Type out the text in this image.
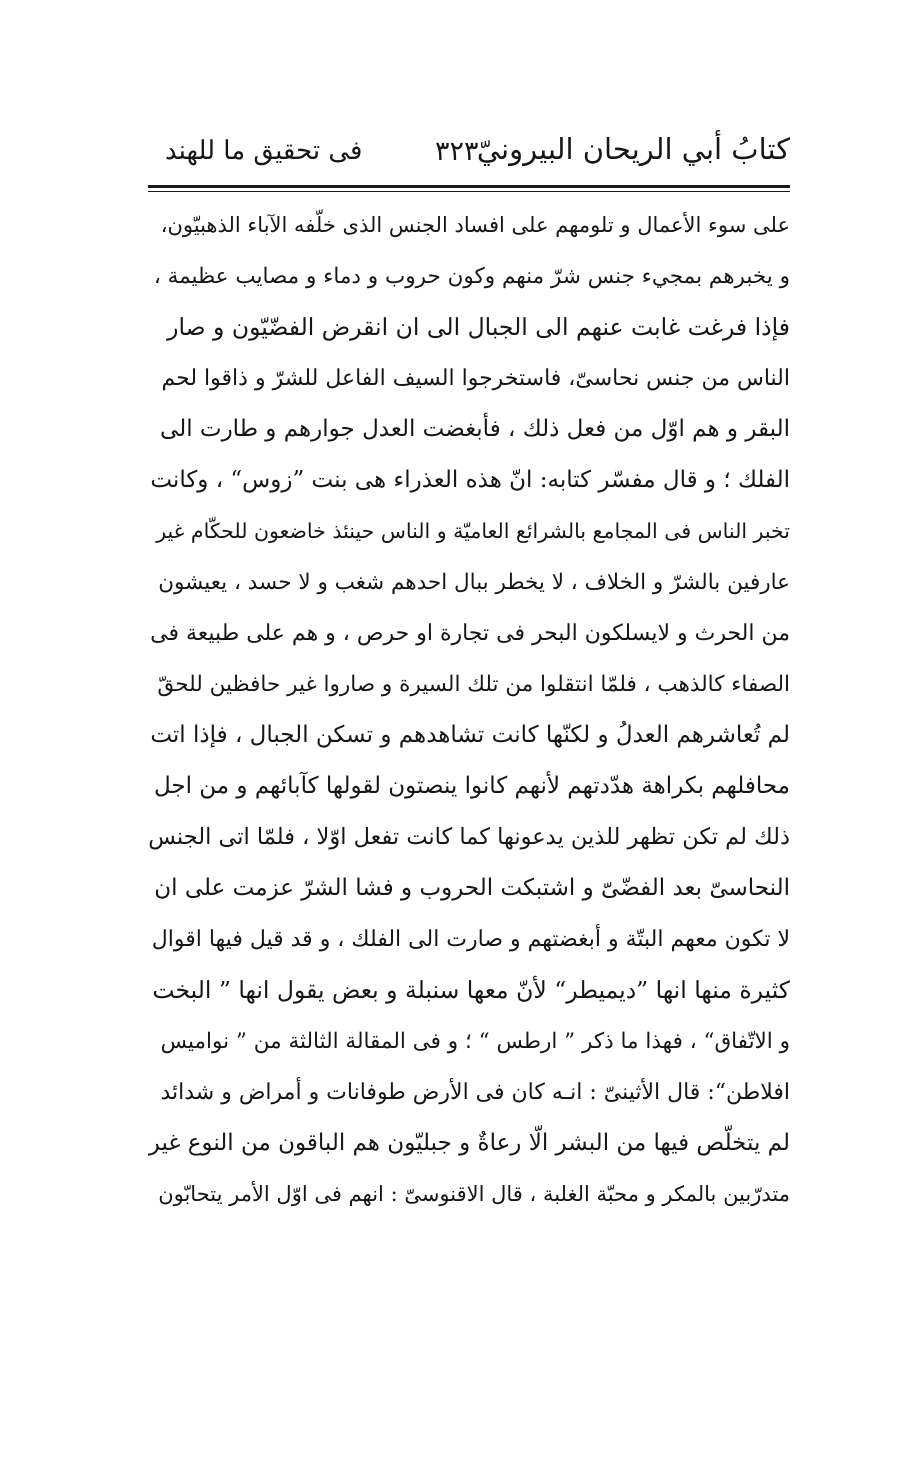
كتابُ أبي الريحان البيرونيّ
٣٢٣
فى تحقيق ما للهند
على سوء الأعمال و تلومهم على افساد الجنس الذى خلّفه الآباء الذهبيّون،
و يخبرهم بمجيء جنس شرّ منهم وكون حروب و دماء و مصايب عظيمة ،
فإذا فرغت غابت عنهم الى الجبال الى ان انقرض الفضّيّون و صار
الناس من جنس نحاسىّ، فاستخرجوا السيف الفاعل للشرّ و ذاقوا لحم
البقر و هم اوّل من فعل ذلك ، فأبغضت العدل جوارهم و طارت الى
الفلك ؛ و قال مفسّر كتابه: انّ هذه العذراء هى بنت ”زوس“ ، وكانت
تخبر الناس فى المجامع بالشرائع العاميّة و الناس حينئذ خاضعون للحكّام غير
عارفين بالشرّ و الخلاف ، لا يخطر ببال احدهم شغب و لا حسد ، يعيشون
من الحرث و لايسلكون البحر فى تجارة او حرص ، و هم على طبيعة فى
الصفاء كالذهب ، فلمّا انتقلوا من تلك السيرة و صاروا غير حافظين للحقّ
لم تُعاشرهم العدلُ و لكنّها كانت تشاهدهم و تسكن الجبال ، فإذا اتت
محافلهم بكراهة هدّدتهم لأنهم كانوا ينصتون لقولها كآبائهم و من اجل
ذلك لم تكن تظهر للذين يدعونها كما كانت تفعل اوّلا ، فلمّا اتى الجنس
النحاسىّ بعد الفضّىّ و اشتبكت الحروب و فشا الشرّ عزمت على ان
لا تكون معهم البتّة و أبغضتهم و صارت الى الفلك ، و قد قيل فيها اقوال
كثيرة منها انها ”ديميطر“ لأنّ معها سنبلة و بعض يقول انها ” البخت
و الاتّفاق“ ، فهذا ما ذكر ” ارطس “ ؛ و فى المقالة الثالثة من ” نواميس
افلاطن“: قال الأثينىّ : انـه كان فى الأرض طوفانات و أمراض و شدائد
لم يتخلّص فيها من البشر الّا رعاةٌ و جبليّون هم الباقون من النوع غير
متدرّبين بالمكر و محبّة الغلبة ، قال الاقنوسىّ : انهم فى اوّل الأمر يتحابّون
